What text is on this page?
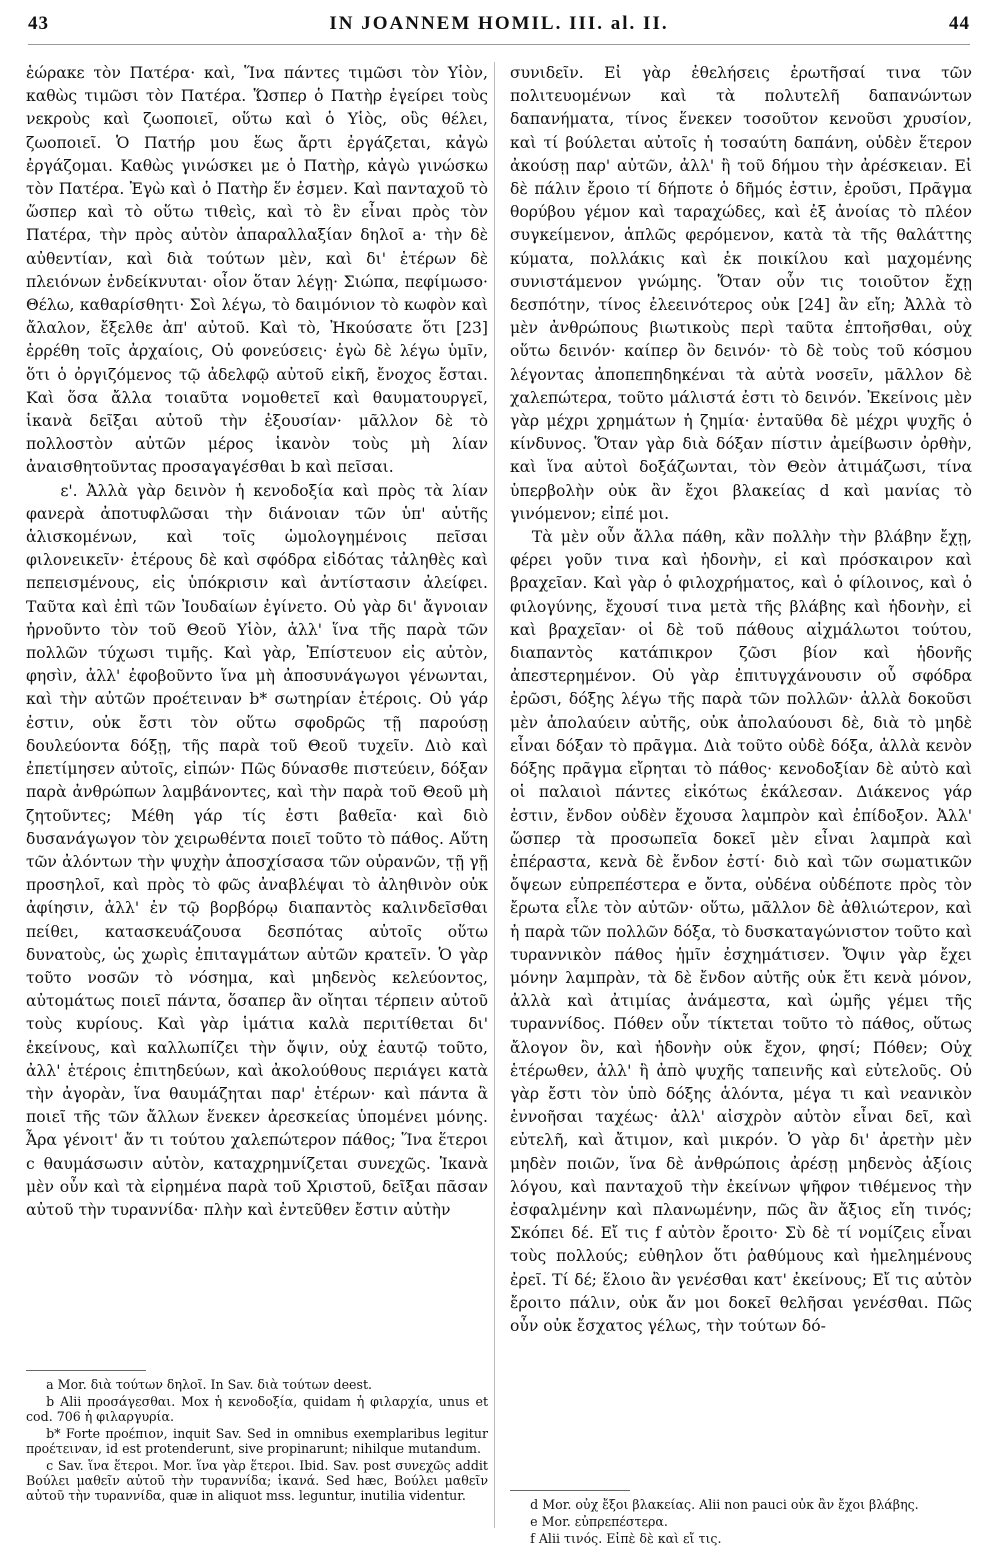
43	IN JOANNEM HOMIL. III. al. II.	44

ἑώρακε τὸν Πατέρα· καὶ, Ἵνα πάντες τιμῶσι τὸν Υἱὸν, καθὼς τιμῶσι τὸν Πατέρα. Ὥσπερ ὁ Πατὴρ ἐγείρει τοὺς νεκροὺς καὶ ζωοποιεῖ, οὕτω καὶ ὁ Υἱὸς, οὓς θέλει, ζωοποιεῖ. Ὁ Πατήρ μου ἕως ἄρτι ἐργάζεται, κἀγὼ ἐργάζομαι. Καθὼς γινώσκει με ὁ Πατὴρ, κἀγὼ γινώσκω τὸν Πατέρα. Ἐγὼ καὶ ὁ Πατὴρ ἕν ἐσμεν. Καὶ πανταχοῦ τὸ ὥσπερ καὶ τὸ οὕτω τιθεὶς, καὶ τὸ ἓν εἶναι πρὸς τὸν Πατέρα, τὴν πρὸς αὐτὸν ἀπαραλλαξίαν δηλοῖ a· τὴν δὲ αὐθεντίαν, καὶ διὰ τούτων μὲν, καὶ δι' ἑτέρων δὲ πλειόνων ἐνδείκνυται· οἷον ὅταν λέγῃ· Σιώπα, πεφίμωσο· Θέλω, καθαρίσθητι· Σοὶ λέγω, τὸ δαιμόνιον τὸ κωφὸν καὶ ἄλαλον, ἔξελθε ἀπ' αὐτοῦ. Καὶ τὸ, Ἠκούσατε ὅτι [23] ἐρρέθη τοῖς ἀρχαίοις, Οὐ φονεύσεις· ἐγὼ δὲ λέγω ὑμῖν, ὅτι ὁ ὀργιζόμενος τῷ ἀδελφῷ αὐτοῦ εἰκῆ, ἔνοχος ἔσται. Καὶ ὅσα ἄλλα τοιαῦτα νομοθετεῖ καὶ θαυματουργεῖ, ἱκανὰ δεῖξαι αὐτοῦ τὴν ἐξουσίαν· μᾶλλον δὲ τὸ πολλοστὸν αὐτῶν μέρος ἱκανὸν τοὺς μὴ λίαν ἀναισθητοῦντας προσαγαγέσθαι b καὶ πεῖσαι.

ε'. Ἀλλὰ γὰρ δεινὸν ἡ κενοδοξία καὶ πρὸς τὰ λίαν φανερὰ ἀποτυφλῶσαι τὴν διάνοιαν τῶν ὑπ' αὐτῆς ἁλισκομένων, καὶ τοῖς ὡμολογημένοις πεῖσαι φιλονεικεῖν· ἑτέρους δὲ καὶ σφόδρα εἰδότας τἀληθὲς καὶ πεπεισμένους, εἰς ὑπόκρισιν καὶ ἀντίστασιν ἀλείφει. Ταῦτα καὶ ἐπὶ τῶν Ἰουδαίων ἐγίνετο. Οὐ γὰρ δι' ἄγνοιαν ἠρνοῦντο τὸν τοῦ Θεοῦ Υἱὸν, ἀλλ' ἵνα τῆς παρὰ τῶν πολλῶν τύχωσι τιμῆς. Καὶ γὰρ, Ἐπίστευον εἰς αὐτὸν, φησὶν, ἀλλ' ἐφοβοῦντο ἵνα μὴ ἀποσυνάγωγοι γένωνται, καὶ τὴν αὐτῶν προέτειναν b* σωτηρίαν ἑτέροις. Οὐ γάρ ἐστιν, οὐκ ἔστι τὸν οὕτω σφοδρῶς τῇ παρούσῃ δουλεύοντα δόξῃ, τῆς παρὰ τοῦ Θεοῦ τυχεῖν. Διὸ καὶ ἐπετίμησεν αὐτοῖς, εἰπών· Πῶς δύνασθε πιστεύειν, δόξαν παρὰ ἀνθρώπων λαμβάνοντες, καὶ τὴν παρὰ τοῦ Θεοῦ μὴ ζητοῦντες; Μέθη γάρ τίς ἐστι βαθεῖα· καὶ διὸ δυσανάγωγον τὸν χειρωθέντα ποιεῖ τοῦτο τὸ πάθος. Αὕτη τῶν ἀλόντων τὴν ψυχὴν ἀποσχίσασα τῶν οὐρανῶν, τῇ γῇ προσηλοῖ, καὶ πρὸς τὸ φῶς ἀναβλέψαι τὸ ἀληθινὸν οὐκ ἀφίησιν, ἀλλ' ἐν τῷ βορβόρῳ διαπαντὸς καλινδεῖσθαι πείθει, κατασκευάζουσα δεσπότας αὐτοῖς οὕτω δυνατοὺς, ὡς χωρὶς ἐπιταγμάτων αὐτῶν κρατεῖν. Ὁ γὰρ τοῦτο νοσῶν τὸ νόσημα, καὶ μηδενὸς κελεύοντος, αὐτομάτως ποιεῖ πάντα, ὅσαπερ ἂν οἴηται τέρπειν αὐτοῦ τοὺς κυρίους. Καὶ γὰρ ἱμάτια καλὰ περιτίθεται δι' ἐκείνους, καὶ καλλωπίζει τὴν ὄψιν, οὐχ ἑαυτῷ τοῦτο, ἀλλ' ἑτέροις ἐπιτηδεύων, καὶ ἀκολούθους περιάγει κατὰ τὴν ἀγορὰν, ἵνα θαυμάζηται παρ' ἑτέρων· καὶ πάντα ἃ ποιεῖ τῆς τῶν ἄλλων ἕνεκεν ἀρεσκείας ὑπομένει μόνης. Ἆρα γένοιτ' ἄν τι τούτου χαλεπώτερον πάθος; Ἵνα ἕτεροι c θαυμάσωσιν αὐτὸν, καταχρημνίζεται συνεχῶς. Ἱκανὰ μὲν οὖν καὶ τὰ εἰρημένα παρὰ τοῦ Χριστοῦ, δεῖξαι πᾶσαν αὐτοῦ τὴν τυραννίδα· πλὴν καὶ ἐντεῦθεν ἔστιν αὐτὴν

a Mor. διὰ τούτων δηλοῖ. In Sav. διὰ τούτων deest.

b Alii προσάγεσθαι. Mox ἡ κενοδοξία, quidam ἡ φιλαρχία, unus et cod. 706 ἡ φιλαργυρία.

b* Forte προέπιον, inquit Sav. Sed in omnibus exemplaribus legitur προέτειναν, id est protenderunt, sive propinarunt; nihilque mutandum.

c Sav. ἵνα ἕτεροι. Mor. ἵνα γὰρ ἕτεροι. Ibid. Sav. post συνεχῶς addit Βούλει μαθεῖν αὐτοῦ τὴν τυραννίδα; ἱκανά. Sed hæc, Βούλει μαθεῖν αὐτοῦ τὴν τυραννίδα, quæ in aliquot mss. leguntur, inutilia videntur.

συνιδεῖν. Εἰ γὰρ ἐθελήσεις ἐρωτῆσαί τινα τῶν πολιτευομένων καὶ τὰ πολυτελῆ δαπανώντων δαπανήματα, τίνος ἕνεκεν τοσοῦτον κενοῦσι χρυσίον, καὶ τί βούλεται αὐτοῖς ἡ τοσαύτη δαπάνη, οὐδὲν ἕτερον ἀκούσῃ παρ' αὐτῶν, ἀλλ' ἢ τοῦ δήμου τὴν ἀρέσκειαν. Εἰ δὲ πάλιν ἔροιο τί δήποτε ὁ δῆμός ἐστιν, ἐροῦσι, Πρᾶγμα θορύβου γέμον καὶ ταραχώδες, καὶ ἐξ ἀνοίας τὸ πλέον συγκείμενον, ἁπλῶς φερόμενον, κατὰ τὰ τῆς θαλάττης κύματα, πολλάκις καὶ ἐκ ποικίλου καὶ μαχομένης συνιστάμενον γνώμης. Ὅταν οὖν τις τοιοῦτον ἔχῃ δεσπότην, τίνος ἐλεεινότερος οὐκ [24] ἂν εἴη; Ἀλλὰ τὸ μὲν ἀνθρώπους βιωτικοὺς περὶ ταῦτα ἐπτοῆσθαι, οὐχ οὕτω δεινόν· καίπερ ὂν δεινόν· τὸ δὲ τοὺς τοῦ κόσμου λέγοντας ἀποπεπηδηκέναι τὰ αὐτὰ νοσεῖν, μᾶλλον δὲ χαλεπώτερα, τοῦτο μάλιστά ἐστι τὸ δεινόν. Ἐκείνοις μὲν γὰρ μέχρι χρημάτων ἡ ζημία· ἐνταῦθα δὲ μέχρι ψυχῆς ὁ κίνδυνος. Ὅταν γὰρ διὰ δόξαν πίστιν ἀμείβωσιν ὀρθὴν, καὶ ἵνα αὐτοὶ δοξάζωνται, τὸν Θεὸν ἀτιμάζωσι, τίνα ὑπερβολὴν οὐκ ἂν ἔχοι βλακείας d καὶ μανίας τὸ γινόμενον; εἰπέ μοι.

Τὰ μὲν οὖν ἄλλα πάθη, κἂν πολλὴν τὴν βλάβην ἔχῃ, φέρει γοῦν τινα καὶ ἡδονὴν, εἰ καὶ πρόσκαιρον καὶ βραχεῖαν. Καὶ γὰρ ὁ φιλοχρήματος, καὶ ὁ φίλοινος, καὶ ὁ φιλογύνης, ἔχουσί τινα μετὰ τῆς βλάβης καὶ ἡδονὴν, εἰ καὶ βραχεῖαν· οἱ δὲ τοῦ πάθους αἰχμάλωτοι τούτου, διαπαντὸς κατάπικρον ζῶσι βίον καὶ ἡδονῆς ἀπεστερημένον. Οὐ γὰρ ἐπιτυγχάνουσιν οὗ σφόδρα ἐρῶσι, δόξης λέγω τῆς παρὰ τῶν πολλῶν· ἀλλὰ δοκοῦσι μὲν ἀπολαύειν αὐτῆς, οὐκ ἀπολαύουσι δὲ, διὰ τὸ μηδὲ εἶναι δόξαν τὸ πρᾶγμα. Διὰ τοῦτο οὐδὲ δόξα, ἀλλὰ κενὸν δόξης πρᾶγμα εἴρηται τὸ πάθος· κενοδοξίαν δὲ αὐτὸ καὶ οἱ παλαιοὶ πάντες εἰκότως ἐκάλεσαν. Διάκενος γάρ ἐστιν, ἔνδον οὐδὲν ἔχουσα λαμπρὸν καὶ ἐπίδοξον. Ἀλλ' ὥσπερ τὰ προσωπεῖα δοκεῖ μὲν εἶναι λαμπρὰ καὶ ἐπέραστα, κενὰ δὲ ἔνδον ἐστί· διὸ καὶ τῶν σωματικῶν ὄψεων εὐπρεπέστερα e ὄντα, οὐδένα οὐδέποτε πρὸς τὸν ἔρωτα εἷλε τὸν αὐτῶν· οὕτω, μᾶλλον δὲ ἀθλιώτερον, καὶ ἡ παρὰ τῶν πολλῶν δόξα, τὸ δυσκαταγώνιστον τοῦτο καὶ τυραννικὸν πάθος ἡμῖν ἐσχημάτισεν. Ὄψιν γὰρ ἔχει μόνην λαμπρὰν, τὰ δὲ ἔνδον αὐτῆς οὐκ ἔτι κενὰ μόνον, ἀλλὰ καὶ ἀτιμίας ἀνάμεστα, καὶ ὠμῆς γέμει τῆς τυραννίδος. Πόθεν οὖν τίκτεται τοῦτο τὸ πάθος, οὕτως ἄλογον ὂν, καὶ ἡδονὴν οὐκ ἔχον, φησί; Πόθεν; Οὐχ ἑτέρωθεν, ἀλλ' ἢ ἀπὸ ψυχῆς ταπεινῆς καὶ εὐτελοῦς. Οὐ γὰρ ἔστι τὸν ὑπὸ δόξης ἁλόντα, μέγα τι καὶ νεανικὸν ἐννοῆσαι ταχέως· ἀλλ' αἰσχρὸν αὐτὸν εἶναι δεῖ, καὶ εὐτελῆ, καὶ ἄτιμον, καὶ μικρόν. Ὁ γὰρ δι' ἀρετὴν μὲν μηδὲν ποιῶν, ἵνα δὲ ἀνθρώποις ἀρέσῃ μηδενὸς ἀξίοις λόγου, καὶ πανταχοῦ τὴν ἐκείνων ψῆφον τιθέμενος τὴν ἐσφαλμένην καὶ πλανωμένην, πῶς ἂν ἄξιος εἴη τινός; Σκόπει δέ. Εἴ τις f αὐτὸν ἔροιτο· Σὺ δὲ τί νομίζεις εἶναι τοὺς πολλούς; εὐθηλον ὅτι ῥαθύμους καὶ ἠμελημένους ἐρεῖ. Τί δέ; ἕλοιο ἂν γενέσθαι κατ' ἐκείνους; Εἴ τις αὐτὸν ἔροιτο πάλιν, οὐκ ἄν μοι δοκεῖ θελῆσαι γενέσθαι. Πῶς οὖν οὐκ ἔσχατος γέλως, τὴν τούτων δό-

d Mor. οὐχ ἔξοι βλακείας. Alii non pauci οὐκ ἂν ἔχοι βλάβης.

e Mor. εὐπρεπέστερα.

f Alii τινός. Εἰπὲ δὲ καὶ εἴ τις.
